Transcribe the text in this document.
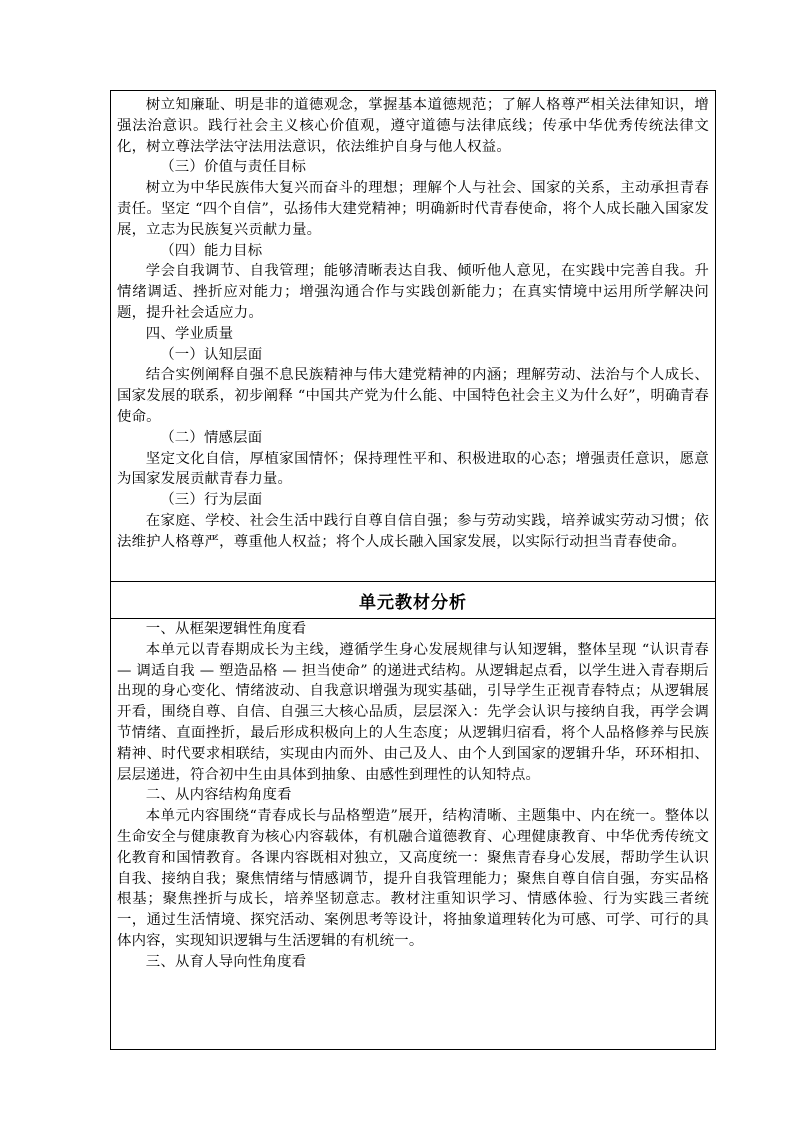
树立知廉耻、明是非的道德观念，掌握基本道德规范；了解人格尊严相关法律知识，增强法治意识。践行社会主义核心价值观，遵守道德与法律底线；传承中华优秀传统法律文化，树立尊法学法守法用法意识，依法维护自身与他人权益。

（三）价值与责任目标

树立为中华民族伟大复兴而奋斗的理想；理解个人与社会、国家的关系，主动承担青春责任。坚定 “四个自信”，弘扬伟大建党精神；明确新时代青春使命，将个人成长融入国家发展，立志为民族复兴贡献力量。

（四）能力目标

学会自我调节、自我管理；能够清晰表达自我、倾听他人意见，在实践中完善自我。升情绪调适、挫折应对能力；增强沟通合作与实践创新能力；在真实情境中运用所学解决问题，提升社会适应力。

四、学业质量

（一）认知层面

结合实例阐释自强不息民族精神与伟大建党精神的内涵；理解劳动、法治与个人成长、国家发展的联系，初步阐释 “中国共产党为什么能、中国特色社会主义为什么好”，明确青春使命。

（二）情感层面

坚定文化自信，厚植家国情怀；保持理性平和、积极进取的心态；增强责任意识，愿意为国家发展贡献青春力量。

（三）行为层面

在家庭、学校、社会生活中践行自尊自信自强；参与劳动实践，培养诚实劳动习惯；依法维护人格尊严，尊重他人权益；将个人成长融入国家发展，以实际行动担当青春使命。

单元教材分析

一、从框架逻辑性角度看

本单元以青春期成长为主线，遵循学生身心发展规律与认知逻辑，整体呈现 “认识青春 — 调适自我 — 塑造品格 — 担当使命” 的递进式结构。从逻辑起点看，以学生进入青春期后出现的身心变化、情绪波动、自我意识增强为现实基础，引导学生正视青春特点；从逻辑展开看，围绕自尊、自信、自强三大核心品质，层层深入：先学会认识与接纳自我，再学会调节情绪、直面挫折，最后形成积极向上的人生态度；从逻辑归宿看，将个人品格修养与民族精神、时代要求相联结，实现由内而外、由己及人、由个人到国家的逻辑升华，环环相扣、层层递进，符合初中生由具体到抽象、由感性到理性的认知特点。

二、从内容结构角度看

本单元内容围绕“青春成长与品格塑造”展开，结构清晰、主题集中、内在统一。整体以生命安全与健康教育为核心内容载体，有机融合道德教育、心理健康教育、中华优秀传统文化教育和国情教育。各课内容既相对独立，又高度统一：聚焦青春身心发展，帮助学生认识自我、接纳自我；聚焦情绪与情感调节，提升自我管理能力；聚焦自尊自信自强，夯实品格根基；聚焦挫折与成长，培养坚韧意志。教材注重知识学习、情感体验、行为实践三者统一，通过生活情境、探究活动、案例思考等设计，将抽象道理转化为可感、可学、可行的具体内容，实现知识逻辑与生活逻辑的有机统一。

三、从育人导向性角度看
